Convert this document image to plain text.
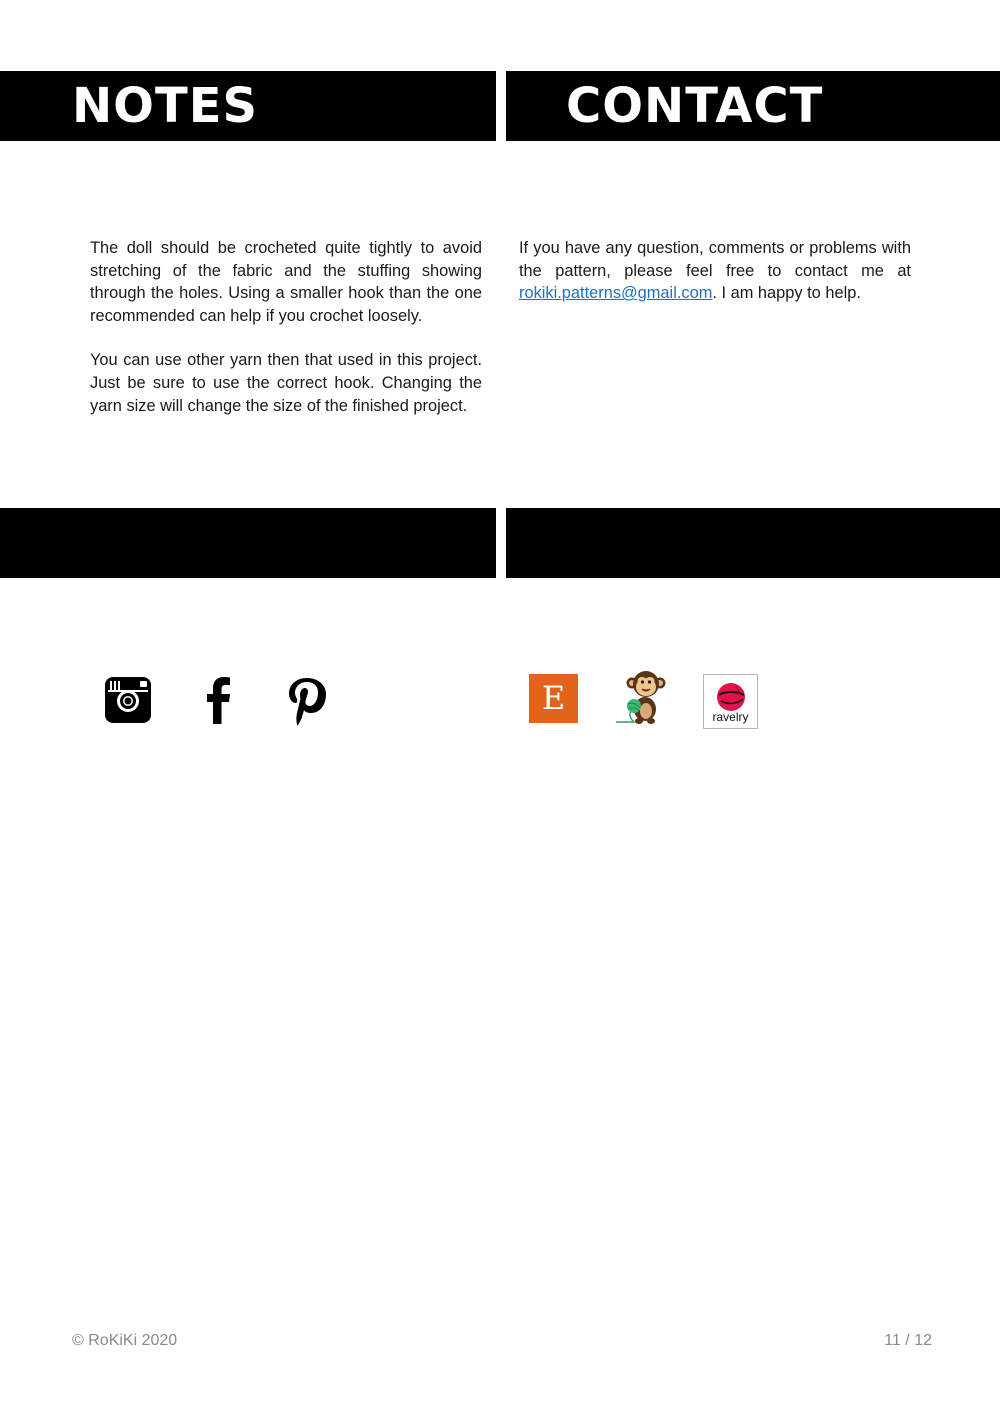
NOTES	CONTACT

The doll should be crocheted quite tightly to avoid stretching of the fabric and the stuffing showing through the holes. Using a smaller hook than the one recommended can help if you crochet loosely.

You can use other yarn then that used in this project. Just be sure to use the correct hook. Changing the yarn size will change the size of the finished project.

If you have any question, comments or problems with the pattern, please feel free to contact me at rokiki.patterns@gmail.com. I am happy to help.

E	ravelry
© RoKiKi 2020	11 / 12
